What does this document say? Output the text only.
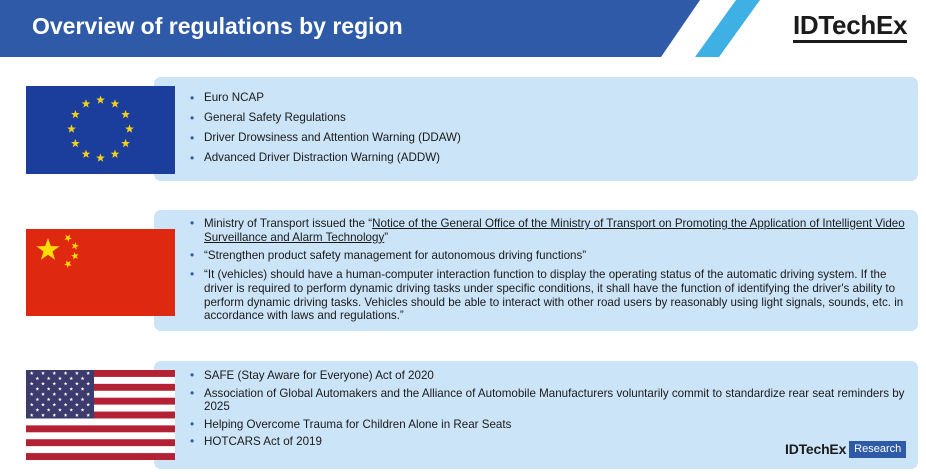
Overview of regulations by region	IDTechEx
• Euro NCAP
• General Safety Regulations
• Driver Drowsiness and Attention Warning (DDAW)
• Advanced Driver Distraction Warning (ADDW)
• Ministry of Transport issued the “Notice of the General Office of the Ministry of Transport on Promoting the Application of Intelligent Video Surveillance and Alarm Technology”
• “Strengthen product safety management for autonomous driving functions”
• “It (vehicles) should have a human-computer interaction function to display the operating status of the automatic driving system. If the driver is required to perform dynamic driving tasks under specific conditions, it shall have the function of identifying the driver's ability to perform dynamic driving tasks. Vehicles should be able to interact with other road users by reasonably using light signals, sounds, etc. in accordance with laws and regulations.”
• SAFE (Stay Aware for Everyone) Act of 2020
• Association of Global Automakers and the Alliance of Automobile Manufacturers voluntarily commit to standardize rear seat reminders by 2025
• Helping Overcome Trauma for Children Alone in Rear Seats
• HOTCARS Act of 2019	IDTechEx Research
